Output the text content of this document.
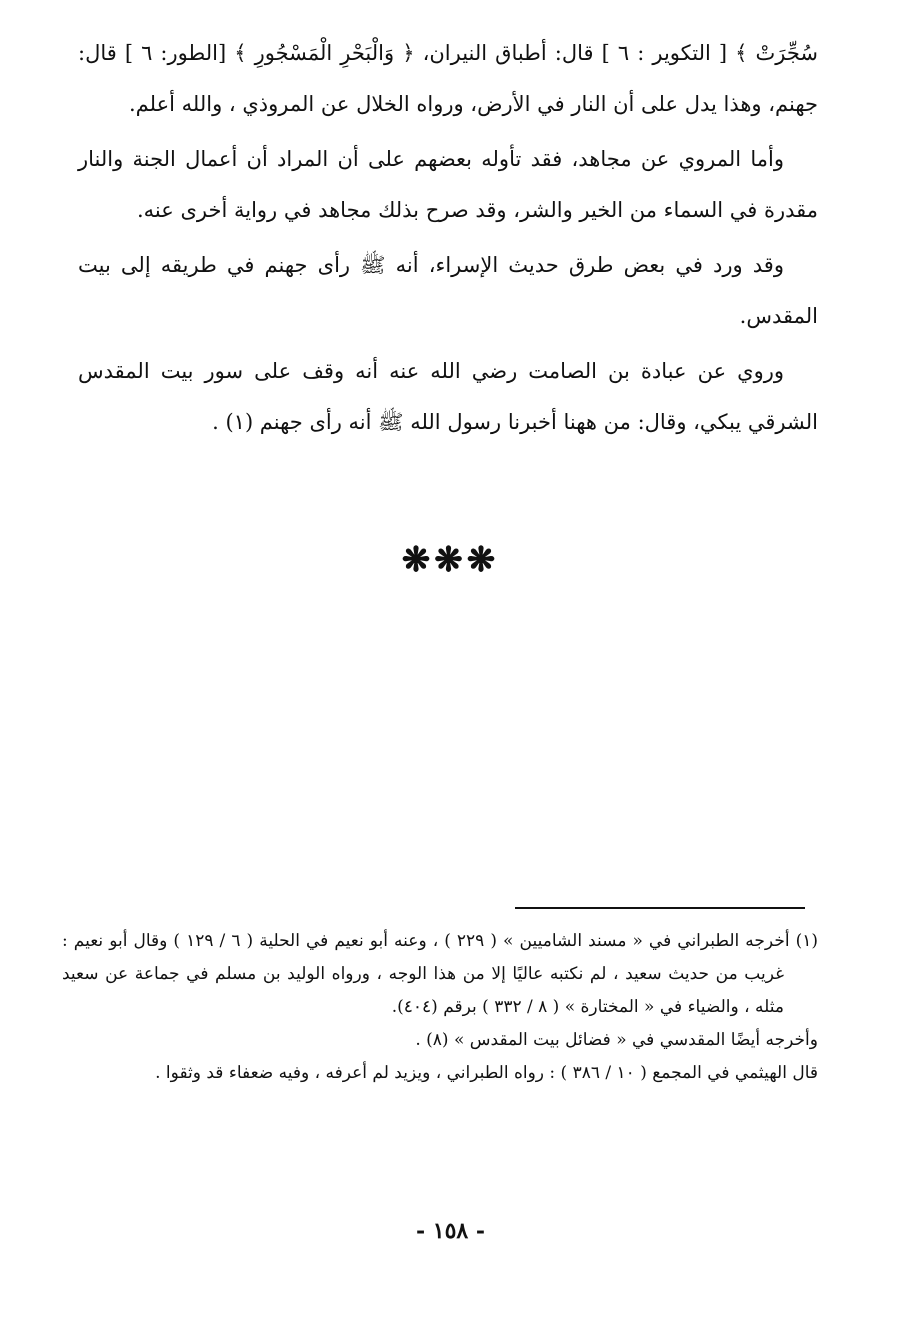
سُجِّرَتْ ﴾ [ التكوير : ٦ ] قال: أطباق النيران، ﴿ وَالْبَحْرِ الْمَسْجُورِ ﴾ [الطور: ٦ ] قال: جهنم، وهذا يدل على أن النار في الأرض، ورواه الخلال عن المروذي ، والله أعلم.

وأما المروي عن مجاهد، فقد تأوله بعضهم على أن المراد أن أعمال الجنة والنار مقدرة في السماء من الخير والشر، وقد صرح بذلك مجاهد في رواية أخرى عنه.

وقد ورد في بعض طرق حديث الإسراء، أنه ﷺ رأى جهنم في طريقه إلى بيت المقدس.

وروي عن عبادة بن الصامت رضي الله عنه أنه وقف على سور بيت المقدس الشرقي يبكي، وقال: من ههنا أخبرنا رسول الله ﷺ أنه رأى جهنم (١) .

❋❋❋

(١) أخرجه الطبراني في « مسند الشاميين » ( ٢٢٩ ) ، وعنه أبو نعيم في الحلية ( ٦ / ١٢٩ ) وقال أبو نعيم : غريب من حديث سعيد ، لم نكتبه عاليًا إلا من هذا الوجه ، ورواه الوليد بن مسلم في جماعة عن سعيد مثله ، والضياء في « المختارة » ( ٨ / ٣٣٢ ) برقم (٤٠٤).

وأخرجه أيضًا المقدسي في « فضائل بيت المقدس » (٨) .

قال الهيثمي في المجمع ( ١٠ / ٣٨٦ ) : رواه الطبراني ، ويزيد لم أعرفه ، وفيه ضعفاء قد وثقوا .

- ١٥٨ -
